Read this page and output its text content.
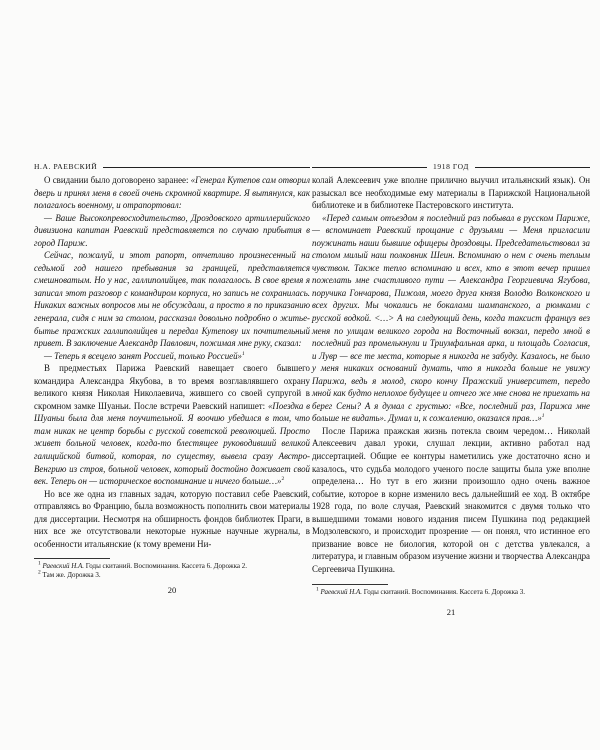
Н.А. РАЕВСКИЙ

О свидании было договорено заранее: «Генерал Кутепов сам отворил дверь и принял меня в своей очень скромной квартире. Я вытянулся, как полагалось военному, и отрапортовал:

— Ваше Высокопревосходительство, Дроздовского артиллерийского дивизиона капитан Раевский представляется по случаю прибытия в город Париж.

Сейчас, пожалуй, и этот рапорт, отчетливо произнесенный на седьмой год нашего пребывания за границей, представляется смешноватым. Но у нас, галлиполийцев, так полагалось. В свое время я записал этот разговор с командиром корпуса, но запись не сохранилась. Никаких важных вопросов мы не обсуждали, а просто я по приказанию генерала, сидя с ним за столом, рассказал довольно подробно о житье-бытье пражских галлиполийцев и передал Кутепову их почтительный привет. В заключение Александр Павлович, пожимая мне руку, сказал:

— Теперь я всецело занят Россией, только Россией»$^1$

В предместьях Парижа Раевский навещает своего бывшего командира Александра Якубова, в то время возглавлявшего охрану великого князя Николая Николаевича, жившего со своей супругой в скромном замке Шуаньи. После встречи Раевский напишет: «Поездка в Шуаньи была для меня поучительной. Я воочию убедился в том, что там никак не центр борьбы с русской советской революцией. Просто живет больной человек, когда-то блестящее руководивший великой галицийской битвой, которая, по существу, вывела сразу Австро-Венгрию из строя, больной человек, который достойно доживает свой век. Теперь он — историческое воспоминание и ничего больше…»$^2$

Но все же одна из главных задач, которую поставил себе Раевский, отправляясь во Францию, была возможность пополнить свои материалы для диссертации. Несмотря на обширность фондов библиотек Праги, в них все же отсутствовали некоторые нужные научные журналы, в особенности итальянские (к тому времени Ни-

$^1$ Раевский Н.А. Годы скитаний. Воспоминания. Кассета 6. Дорожка 2.

$^2$ Там же. Дорожка 3.

20
1918 ГОД

колай Алексеевич уже вполне прилично выучил итальянский язык). Он разыскал все необходимые ему материалы в Парижской Национальной библиотеке и в библиотеке Пастеровского института.

«Перед самым отъездом я последний раз побывал в русском Париже, — вспоминает Раевский прощание с друзьями — Меня пригласили поужинать наши бывшие офицеры дроздовцы. Председательствовал за столом милый наш полковник Шеин. Вспоминаю о нем с очень теплым чувством. Также тепло вспоминаю и всех, кто в этот вечер пришел пожелать мне счастливого пути — Александра Георгиевича Ягубова, поручика Гончарова, Пижоля, моего друга князя Володю Волконского и всех других. Мы чокались не бокалами шампанского, а рюмками с русской водкой. <…> А на следующий день, когда таксист француз вез меня по улицам великого города на Восточный вокзал, передо мной в последний раз промелькнули и Триумфальная арка, и площадь Согласия, и Лувр — все те места, которые я никогда не забуду. Казалось, не было у меня никаких оснований думать, что я никогда больше не увижу Парижа, ведь я молод, скоро кончу Пражский университет, передо мной как будто неплохое будущее и отчего же мне снова не приехать на берег Сены? А я думал с грустью: «Все, последний раз, Парижа мне больше не видать». Думал и, к сожалению, оказался прав…»$^1$

После Парижа пражская жизнь потекла своим чередом… Николай Алексеевич давал уроки, слушал лекции, активно работал над диссертацией. Общие ее контуры наметились уже достаточно ясно и казалось, что судьба молодого ученого после защиты была уже вполне определена… Но тут в его жизни произошло одно очень важное событие, которое в корне изменило весь дальнейший ее ход. В октябре 1928 года, по воле случая, Раевский знакомится с двумя только что вышедшими томами нового издания писем Пушкина под редакцией Модзолевского, и происходит прозрение — он понял, что истинное его призвание вовсе не биология, которой он с детства увлекался, а литература, и главным образом изучение жизни и творчества Александра Сергеевича Пушкина.

$^1$ Раевский Н.А. Годы скитаний. Воспоминания. Кассета 6. Дорожка 3.

21
